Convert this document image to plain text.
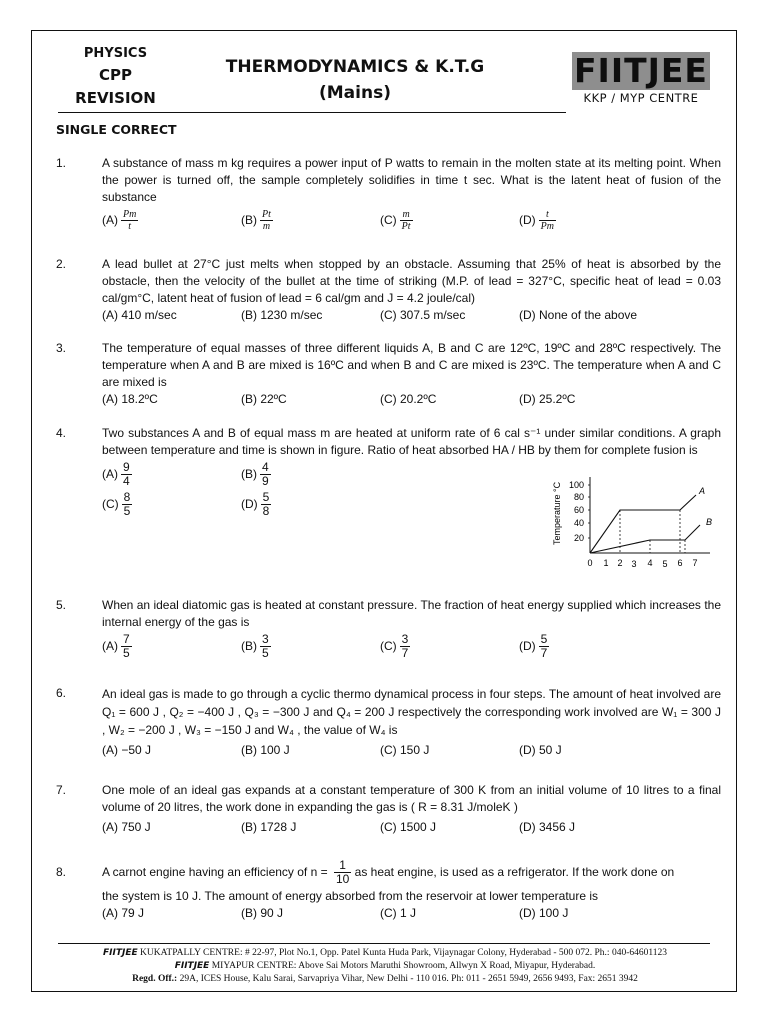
PHYSICS
CPP
REVISION
THERMODYNAMICS & K.T.G
(Mains)
FIITJEE
KKP / MYP CENTRE
SINGLE CORRECT
1.	A substance of mass m kg requires a power input of P watts to remain in the molten state at its melting point. When the power is turned off, the sample completely solidifies in time t sec. What is the latent heat of fusion of the substance
$(A) \frac{Pm}{t}$	$(B) \frac{Pt}{m}$	$(C) \frac{m}{Pt}$	$(D) \frac{t}{Pm}$
2.	A lead bullet at 27°C just melts when stopped by an obstacle. Assuming that 25% of heat is absorbed by the obstacle, then the velocity of the bullet at the time of striking (M.P. of lead = 327°C, specific heat of lead = 0.03 cal/gm°C, latent heat of fusion of lead = 6 cal/gm and J = 4.2 joule/cal)
(A) 410 m/sec	(B) 1230 m/sec	(C) 307.5 m/sec	(D) None of the above
3.	The temperature of equal masses of three different liquids A, B and C are 12ºC, 19ºC and 28ºC respectively. The temperature when A and B are mixed is 16ºC and when B and C are mixed is 23ºC. The temperature when A and C are mixed is
(A) 18.2ºC	(B) 22ºC	(C) 20.2ºC	(D) 25.2ºC
4.	Two substances A and B of equal mass m are heated at uniform rate of 6 cal s⁻¹ under similar conditions. A graph between temperature and time is shown in figure. Ratio of heat absorbed HA / HB by them for complete fusion is
$(A) \frac{9}{4}$	$(B) \frac{4}{9}$
$(C) \frac{8}{5}$	$(D) \frac{5}{8}$	Temperature °C 100
80
60
40
20
0 1 2 3 4 5 6 7
A
B
5.	When an ideal diatomic gas is heated at constant pressure. The fraction of heat energy supplied which increases the internal energy of the gas is
$(A) \frac{7}{5}$	$(B) \frac{3}{5}$	$(C) \frac{3}{7}$	$(D) \frac{5}{7}$
6.	An ideal gas is made to go through a cyclic thermo dynamical process in four steps. The amount of heat involved are Q₁ = 600 J , Q₂ = −400 J , Q₃ = −300 J and Q₄ = 200 J respectively the corresponding work involved are W₁ = 300 J , W₂ = −200 J , W₃ = −150 J and W₄ , the value of W₄ is
(A) −50 J	(B) 100 J	(C) 150 J	(D) 50 J
7.	One mole of an ideal gas expands at a constant temperature of 300 K from an initial volume of 10 litres to a final volume of 20 litres, the work done in expanding the gas is ( R = 8.31 J/moleK )
(A) 750 J	(B) 1728 J	(C) 1500 J	(D) 3456 J
8.	A carnot engine having an efficiency of $n = \frac{1}{10}$ as heat engine, is used as a refrigerator. If the work done on
the system is 10 J. The amount of energy absorbed from the reservoir at lower temperature is
(A) 79 J	(B) 90 J	(C) 1 J	(D) 100 J
FIITJEE KUKATPALLY CENTRE: # 22-97, Plot No.1, Opp. Patel Kunta Huda Park, Vijaynagar Colony, Hyderabad - 500 072. Ph.: 040-64601123
FIITJEE MIYAPUR CENTRE: Above Sai Motors Maruthi Showroom, Allwyn X Road, Miyapur, Hyderabad.
Regd. Off.: 29A, ICES House, Kalu Sarai, Sarvapriya Vihar, New Delhi - 110 016. Ph: 011 - 2651 5949, 2656 9493, Fax: 2651 3942
